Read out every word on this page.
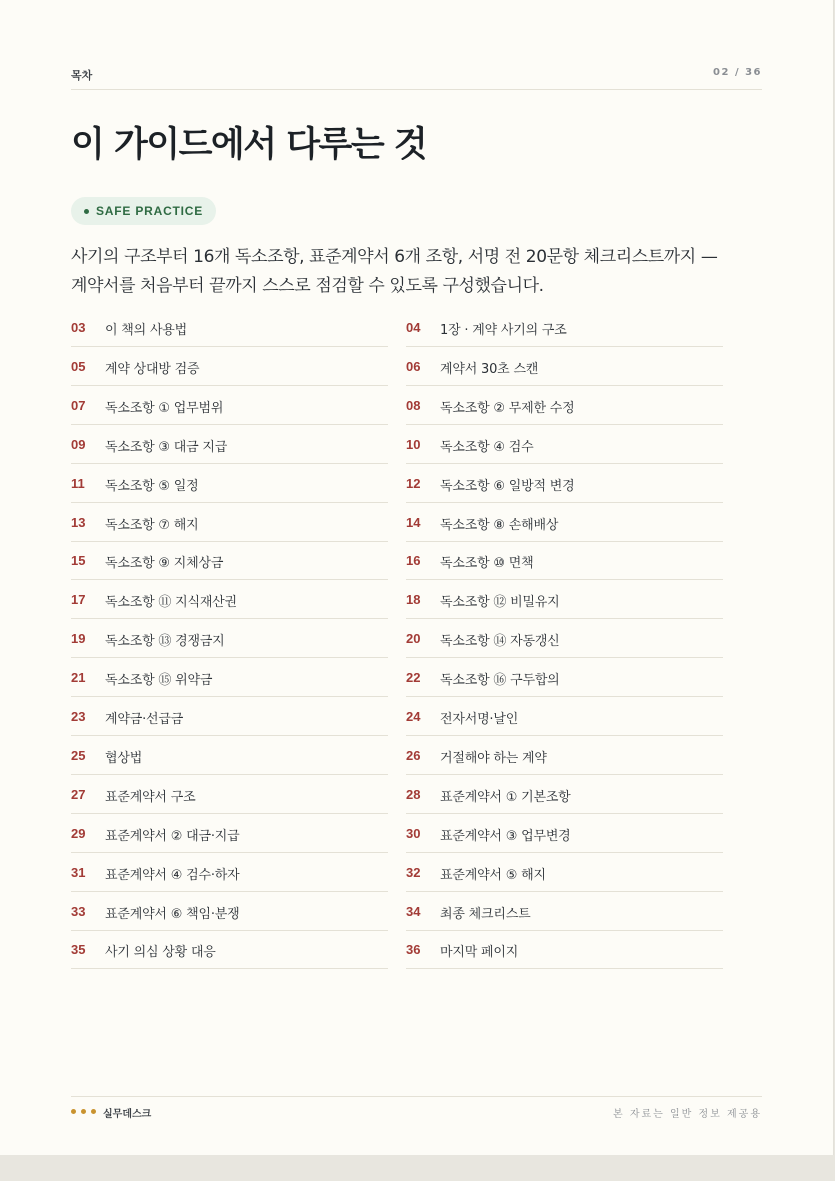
목차	02 / 36
이 가이드에서 다루는 것
SAFE PRACTICE

사기의 구조부터 16개 독소조항, 표준계약서 6개 조항, 서명 전 20문항 체크리스트까지 — 계약서를 처음부터 끝까지 스스로 점검할 수 있도록 구성했습니다.

03 이 책의 사용법	04 1장 · 계약 사기의 구조
05 계약 상대방 검증	06 계약서 30초 스캔
07 독소조항 ① 업무범위	08 독소조항 ② 무제한 수정
09 독소조항 ③ 대금 지급	10 독소조항 ④ 검수
11 독소조항 ⑤ 일정	12 독소조항 ⑥ 일방적 변경
13 독소조항 ⑦ 해지	14 독소조항 ⑧ 손해배상
15 독소조항 ⑨ 지체상금	16 독소조항 ⑩ 면책
17 독소조항 ⑪ 지식재산권	18 독소조항 ⑫ 비밀유지
19 독소조항 ⑬ 경쟁금지	20 독소조항 ⑭ 자동갱신
21 독소조항 ⑮ 위약금	22 독소조항 ⑯ 구두합의
23 계약금·선급금	24 전자서명·날인
25 협상법	26 거절해야 하는 계약
27 표준계약서 구조	28 표준계약서 ① 기본조항
29 표준계약서 ② 대금·지급	30 표준계약서 ③ 업무변경
31 표준계약서 ④ 검수·하자	32 표준계약서 ⑤ 해지
33 표준계약서 ⑥ 책임·분쟁	34 최종 체크리스트
35 사기 의심 상황 대응	36 마지막 페이지
실무데스크	본 자료는 일반 정보 제공용
